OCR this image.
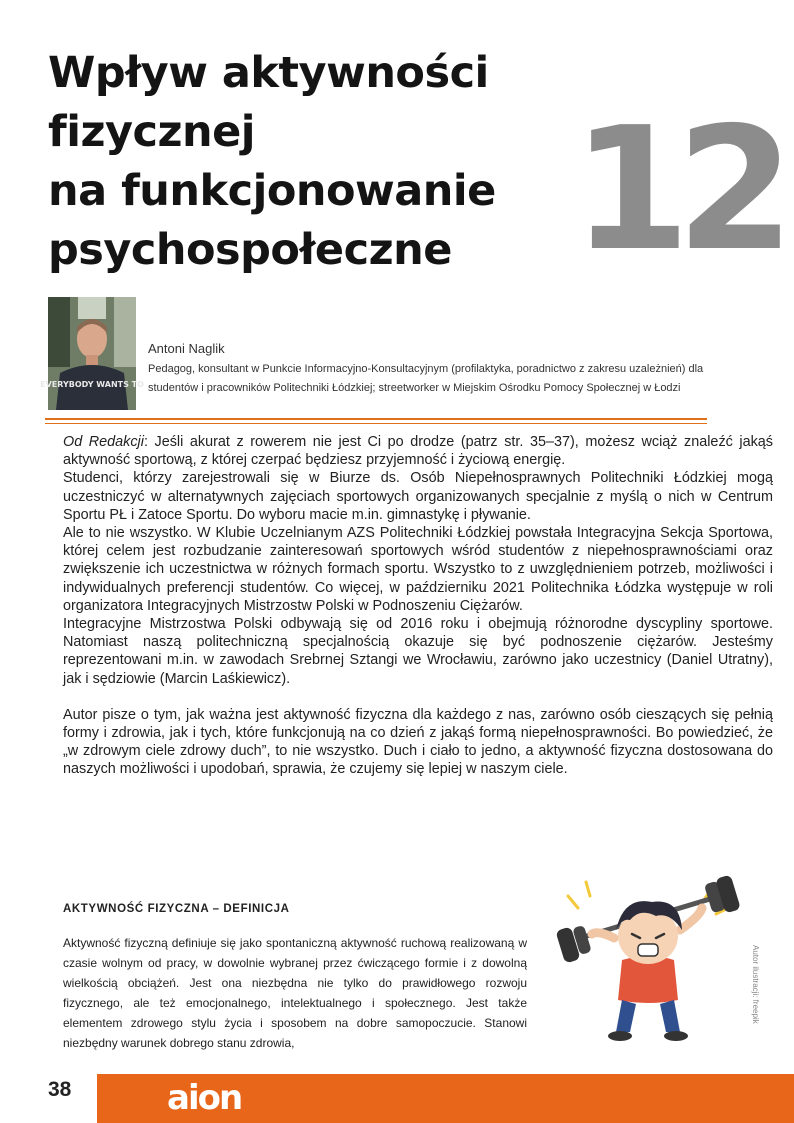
Wpływ aktywności
fizycznej
na funkcjonowanie
psychospołeczne 12
EVERYBODY WANTS TO
Antoni Naglik
Pedagog, konsultant w Punkcie Informacyjno-Konsultacyjnym (profilaktyka, poradnictwo z zakresu uzależnień) dla studentów i pracowników Politechniki Łódzkiej; streetworker w Miejskim Ośrodku Pomocy Społecznej w Łodzi

Od Redakcji: Jeśli akurat z rowerem nie jest Ci po drodze (patrz str. 35–37), możesz wciąż znaleźć jakąś aktywność sportową, z której czerpać będziesz przyjemność i życiową energię.

Studenci, którzy zarejestrowali się w Biurze ds. Osób Niepełnosprawnych Politechniki Łódzkiej mogą uczestniczyć w alternatywnych zajęciach sportowych organizowanych specjalnie z myślą o nich w Centrum Sportu PŁ i Zatoce Sportu. Do wyboru macie m.in. gimnastykę i pływanie.

Ale to nie wszystko. W Klubie Uczelnianym AZS Politechniki Łódzkiej powstała Integracyjna Sekcja Sportowa, której celem jest rozbudzanie zainteresowań sportowych wśród studentów z niepełnosprawnościami oraz zwiększenie ich uczestnictwa w różnych formach sportu. Wszystko to z uwzględnieniem potrzeb, możliwości i indywidualnych preferencji studentów. Co więcej, w październiku 2021 Politechnika Łódzka występuje w roli organizatora Integracyjnych Mistrzostw Polski w Podnoszeniu Ciężarów.

Integracyjne Mistrzostwa Polski odbywają się od 2016 roku i obejmują różnorodne dyscypliny sportowe. Natomiast naszą politechniczną specjalnością okazuje się być podnoszenie ciężarów. Jesteśmy reprezentowani m.in. w zawodach Srebrnej Sztangi we Wrocławiu, zarówno jako uczestnicy (Daniel Utratny), jak i sędziowie (Marcin Laśkiewicz).

Autor pisze o tym, jak ważna jest aktywność fizyczna dla każdego z nas, zarówno osób cieszących się pełnią formy i zdrowia, jak i tych, które funkcjonują na co dzień z jakąś formą niepełnosprawności. Bo powiedzieć, że „w zdrowym ciele zdrowy duch”, to nie wszystko. Duch i ciało to jedno, a aktywność fizyczna dostosowana do naszych możliwości i upodobań, sprawia, że czujemy się lepiej w naszym ciele.

AKTYWNOŚĆ FIZYCZNA – DEFINICJA
Aktywność fizyczną definiuje się jako spontaniczną aktywność ruchową realizowaną w czasie wolnym od pracy, w dowolnie wybranej przez ćwiczącego formie i z dowolną wielkością obciążeń. Jest ona niezbędna nie tylko do prawidłowego rozwoju fizycznego, ale też emocjonalnego, intelektualnego i społecznego. Jest także elementem zdrowego stylu życia i sposobem na dobre samopoczucie. Stanowi niezbędny warunek dobrego stanu zdrowia,
Autor ilustracji: freepik
38	aion
